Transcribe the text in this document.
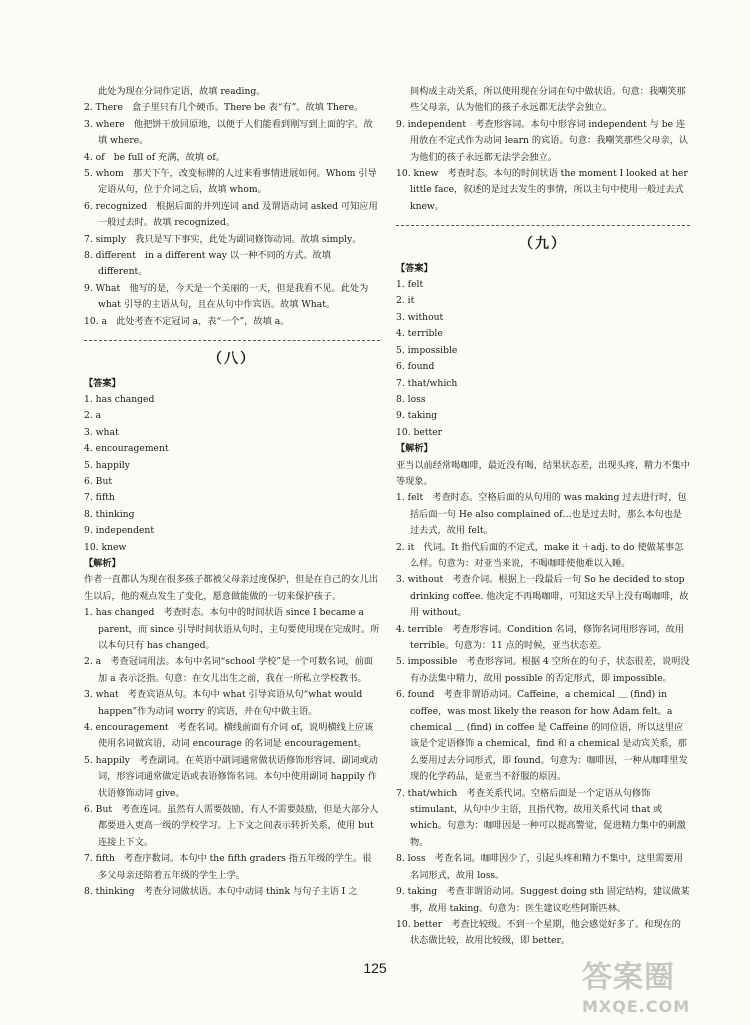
此处为现在分词作定语，故填 reading。

2. There　盒子里只有几个硬币。There be 表“有”。故填 There。

3. where　他把饼干放回原地，以便于人们能看到刚写到上面的字。故填 where。

4. of　be full of 充满，故填 of。

5. whom　那天下午，改变标牌的人过来看事情进展如何。Whom 引导定语从句，位于介词之后，故填 whom。

6. recognized　根据后面的并列连词 and 及谓语动词 asked 可知应用一般过去时。故填 recognized。

7. simply　我只是写下事实，此处为副词修饰动词。故填 simply。

8. different　in a different way 以一种不同的方式。故填 different。

9. What　他写的是，今天是一个美丽的一天，但是我看不见。此处为 what 引导的主语从句，且在从句中作宾语。故填 What。

10. a　此处考查不定冠词 a，表“一个”，故填 a。

（八）
【答案】

1. has changed

2. a

3. what

4. encouragement

5. happily

6. But

7. fifth

8. thinking

9. independent

10. knew

【解析】

作者一直都认为现在很多孩子都被父母亲过度保护，但是在自己的女儿出生以后，他的观点发生了变化，愿意做能做的一切来保护孩子。

1. has changed　考查时态。本句中的时间状语 since I became a parent，而 since 引导时间状语从句时，主句要使用现在完成时。所以本句只有 has changed。

2. a　考查冠词用法。本句中名词“school 学校”是一个可数名词，前面加 a 表示泛指。句意：在女儿出生之前，我在一所私立学校教书。

3. what　考查宾语从句。本句中 what 引导宾语从句“what would happen”作为动词 worry 的宾语，并在句中做主语。

4. encouragement　考查名词。横线前面有介词 of，说明横线上应该使用名词做宾语，动词 encourage 的名词是 encouragement。

5. happily　考查副词。在英语中副词通常做状语修饰形容词、副词或动词，形容词通常做定语或表语修饰名词。本句中使用副词 happily 作状语修饰动词 give。

6. But　考查连词。虽然有人需要鼓励，有人不需要鼓励，但是大部分人都要进入更高一级的学校学习。上下文之间表示转折关系，使用 but 连接上下文。

7. fifth　考查序数词。本句中 the fifth graders 指五年级的学生。很多父母亲还陪着五年级的学生上学。

8. thinking　考查分词做状语。本句中动词 think 与句子主语 I 之

间构成主动关系，所以使用现在分词在句中做状语。句意：我嘲笑那些父母亲，认为他们的孩子永远都无法学会独立。

9. independent　考查形容词。本句中形容词 independent 与 be 连用放在不定式作为动词 learn 的宾语。句意：我嘲笑那些父母亲，认为他们的孩子永远都无法学会独立。

10. knew　考查时态。本句的时间状语 the moment I looked at her little face，叙述的是过去发生的事情，所以主句中使用一般过去式 knew。

（九）
【答案】

1. felt

2. it

3. without

4. terrible

5. impossible

6. found

7. that/which

8. loss

9. taking

10. better

【解析】

亚当以前经常喝咖啡，最近没有喝，结果状态差，出现头疼，精力不集中等现象。

1. felt　考查时态。空格后面的从句用的 was making 过去进行时，包括后面一句 He also complained of…也是过去时，那么本句也是过去式，故用 felt。

2. it　代词。It 指代后面的不定式，make it ＋adj. to do 使做某事怎么样。句意为：对亚当来说，不喝咖啡使他难以入睡。

3. without　考查介词。根据上一段最后一句 So he decided to stop drinking coffee. 他决定不再喝咖啡，可知这天早上没有喝咖啡，故用 without。

4. terrible　考查形容词。Condition 名词，修饰名词用形容词，故用 terrible。句意为：11 点的时候，亚当状态差。

5. impossible　考查形容词。根据 4 空所在的句子，状态很差，说明没有办法集中精力，故用 possible 的否定形式，即 impossible。

6. found　考查非谓语动词。Caffeine，a chemical ＿ (find) in coffee，was most likely the reason for how Adam felt。a chemical ＿ (find) in coffee 是 Caffeine 的同位语，所以这里应该是个定语修饰 a chemical，find 和 a chemical 是动宾关系，那么要用过去分词形式，即 found。句意为：咖啡因，一种从咖啡里发现的化学药品，是亚当不舒服的原因。

7. that/which　考查关系代词。空格后面是一个定语从句修饰 stimulant，从句中少主语，且指代物，故用关系代词 that 或 which。句意为：咖啡因是一种可以提高警觉，促进精力集中的刺激物。

8. loss　考查名词。咖啡因少了，引起头疼和精力不集中，这里需要用名词形式，故用 loss。

9. taking　考查非谓语动词。Suggest doing sth 固定结构，建议做某事，故用 taking。句意为：医生建议吃些阿斯匹林。

10. better　考查比较级。不到一个星期，他会感觉好多了。和现在的状态做比较，故用比较级，即 better。

125	答案圈
MXQE.COM
